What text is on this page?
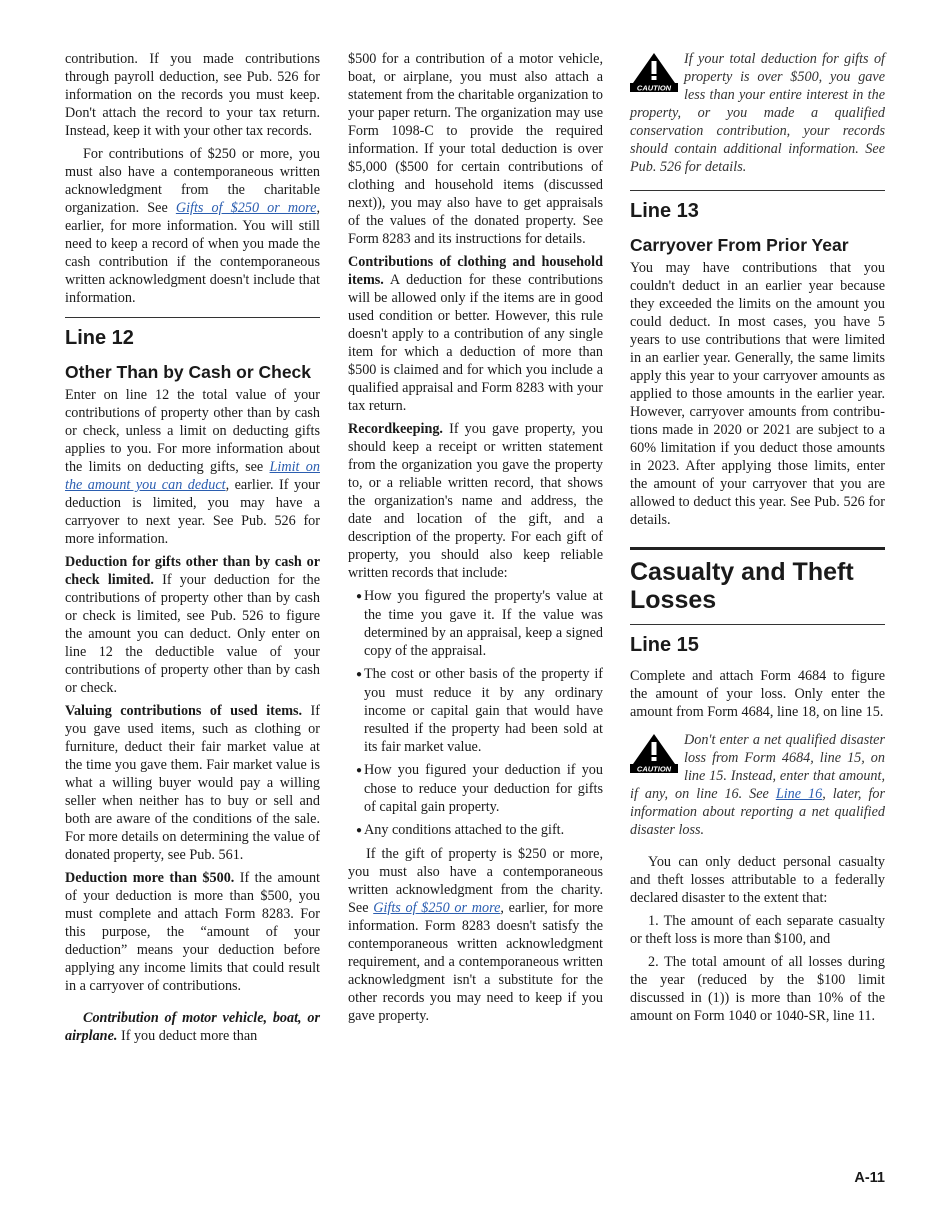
contribution. If you made contributions through payroll deduction, see Pub. 526 for information on the records you must keep. Don't attach the record to your tax return. Instead, keep it with your other tax records.

For contributions of $250 or more, you must also have a contemporaneous written acknowledgment from the charitable organization. See Gifts of $250 or more, earlier, for more information. You will still need to keep a record of when you made the cash contribution if the contemporaneous written acknowledgment doesn't include that information.

Line 12
Other Than by Cash or Check

Enter on line 12 the total value of your contributions of property other than by cash or check, unless a limit on deducting gifts applies to you. For more information about the limits on deducting gifts, see Limit on the amount you can deduct, earlier. If your deduction is limited, you may have a carryover to next year. See Pub. 526 for more information.

Deduction for gifts other than by cash or check limited. If your deduction for the contributions of property other than by cash or check is limited, see Pub. 526 to figure the amount you can deduct. Only enter on line 12 the deductible value of your contributions of property other than by cash or check.

Valuing contributions of used items. If you gave used items, such as clothing or furniture, deduct their fair market value at the time you gave them. Fair market value is what a willing buyer would pay a willing seller when neither has to buy or sell and both are aware of the conditions of the sale. For more details on determining the value of donated property, see Pub. 561.

Deduction more than $500. If the amount of your deduction is more than $500, you must complete and attach Form 8283. For this purpose, the “amount of your deduction” means your deduction before applying any income limits that could result in a carryover of contributions.

Contribution of motor vehicle, boat, or airplane. If you deduct more than

$500 for a contribution of a motor vehicle, boat, or airplane, you must also attach a statement from the charitable organization to your paper return. The organization may use Form 1098-C to provide the required information. If your total deduction is over $5,000 ($500 for certain contributions of clothing and household items (discussed next)), you may also have to get appraisals of the values of the donated property. See Form 8283 and its instructions for details.

Contributions of clothing and household items. A deduction for these contributions will be allowed only if the items are in good used condition or better. However, this rule doesn't apply to a contribution of any single item for which a deduction of more than $500 is claimed and for which you include a qualified appraisal and Form 8283 with your tax return.

Recordkeeping. If you gave property, you should keep a receipt or written statement from the organization you gave the property to, or a reliable written record, that shows the organization's name and address, the date and location of the gift, and a description of the property. For each gift of property, you should also keep reliable written records that include:

● How you figured the property's value at the time you gave it. If the value was determined by an appraisal, keep a signed copy of the appraisal.

● The cost or other basis of the property if you must reduce it by any ordinary income or capital gain that would have resulted if the property had been sold at its fair market value.

● How you figured your deduction if you chose to reduce your deduction for gifts of capital gain property.

● Any conditions attached to the gift.

If the gift of property is $250 or more, you must also have a contemporaneous written acknowledgment from the charity. See Gifts of $250 or more, earlier, for more information. Form 8283 doesn't satisfy the contemporaneous written acknowledgment requirement, and a contemporaneous written acknowledgment isn't a substitute for the other records you may need to keep if you gave property.

CAUTION
If your total deduction for gifts of property is over $500, you gave less than your entire interest in the property, or you made a qualified conservation contribution, your records should contain additional information. See Pub. 526 for details.
Line 13
Carryover From Prior Year

You may have contributions that you couldn't deduct in an earlier year because they exceeded the limits on the amount you could deduct. In most cases, you have 5 years to use contributions that were limited in an earlier year. Generally, the same limits apply this year to your carryover amounts as applied to those amounts in the earlier year. However, carryover amounts from contributions made in 2020 or 2021 are subject to a 60% limitation if you deduct those amounts in 2023. After applying those limits, enter the amount of your carryover that you are allowed to deduct this year. See Pub. 526 for details.

Casualty and Theft Losses
Line 15

Complete and attach Form 4684 to figure the amount of your loss. Only enter the amount from Form 4684, line 18, on line 15.

CAUTION
Don't enter a net qualified disaster loss from Form 4684, line 15, on line 15. Instead, enter that amount, if any, on line 16. See Line 16, later, for information about reporting a net qualified disaster loss.

You can only deduct personal casualty and theft losses attributable to a federally declared disaster to the extent that:

1. The amount of each separate casualty or theft loss is more than $100, and

2. The total amount of all losses during the year (reduced by the $100 limit discussed in (1)) is more than 10% of the amount on Form 1040 or 1040-SR, line 11.

A-11
